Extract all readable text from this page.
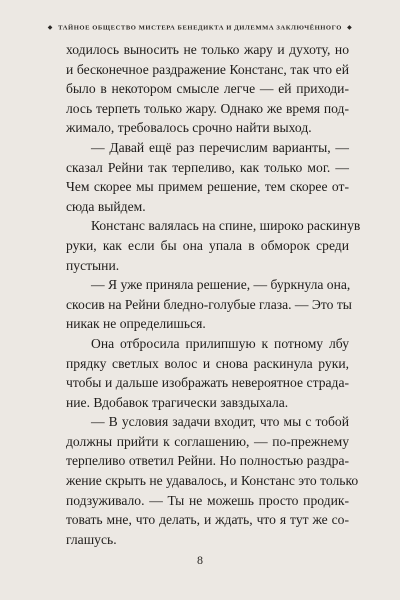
◆ ТАЙНОЕ ОБЩЕСТВО МИСТЕРА БЕНЕДИКТА И ДИЛЕММА ЗАКЛЮЧЁННОГО ◆
ходилось выносить не только жару и духоту, но
и бесконечное раздражение Констанс, так что ей
было в некотором смысле легче — ей приходи-
лось терпеть только жару. Однако же время под-
жимало, требовалось срочно найти выход.
— Давай ещё раз перечислим варианты, —
сказал Рейни так терпеливо, как только мог. —
Чем скорее мы примем решение, тем скорее от-
сюда выйдем.
Констанс валялась на спине, широко раскинув
руки, как если бы она упала в обморок среди
пустыни.
— Я уже приняла решение, — буркнула она,
скосив на Рейни бледно-голубые глаза. — Это ты
никак не определишься.
Она отбросила прилипшую к потному лбу
прядку светлых волос и снова раскинула руки,
чтобы и дальше изображать невероятное страда-
ние. Вдобавок трагически завздыхала.
— В условия задачи входит, что мы с тобой
должны прийти к соглашению, — по-прежнему
терпеливо ответил Рейни. Но полностью раздра-
жение скрыть не удавалось, и Констанс это только
подзуживало. — Ты не можешь просто продик-
товать мне, что делать, и ждать, что я тут же со-
глашусь.
8
